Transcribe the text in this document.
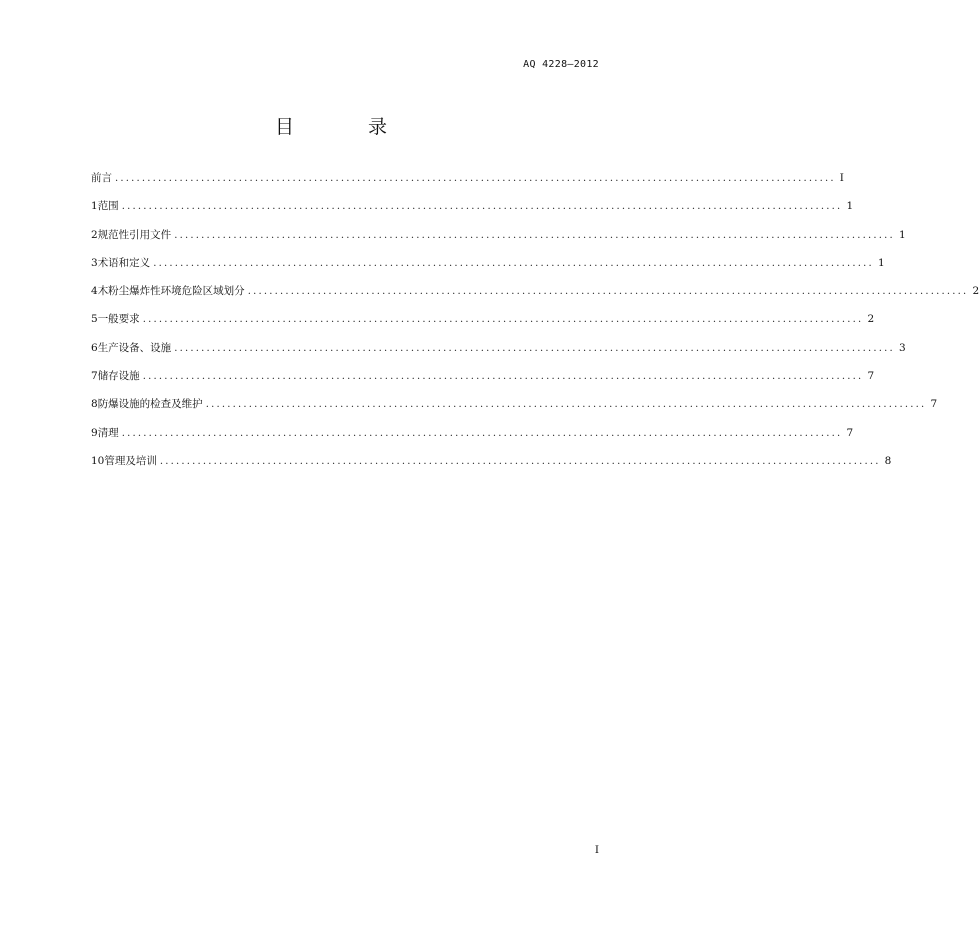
AQ 4228—2012
目 录
前言 ...................................................................................................................................... I
1 范围 ...................................................................................................................................... 1
2 规范性引用文件 ...................................................................................................................................... 1
3 术语和定义 ...................................................................................................................................... 1
4 木粉尘爆炸性环境危险区域划分 ...................................................................................................................................... 2
5 一般要求 ...................................................................................................................................... 2
6 生产设备、设施 ...................................................................................................................................... 3
7 储存设施 ...................................................................................................................................... 7
8 防爆设施的检查及维护 ...................................................................................................................................... 7
9 清理 ...................................................................................................................................... 7
10 管理及培训 ...................................................................................................................................... 8
I
